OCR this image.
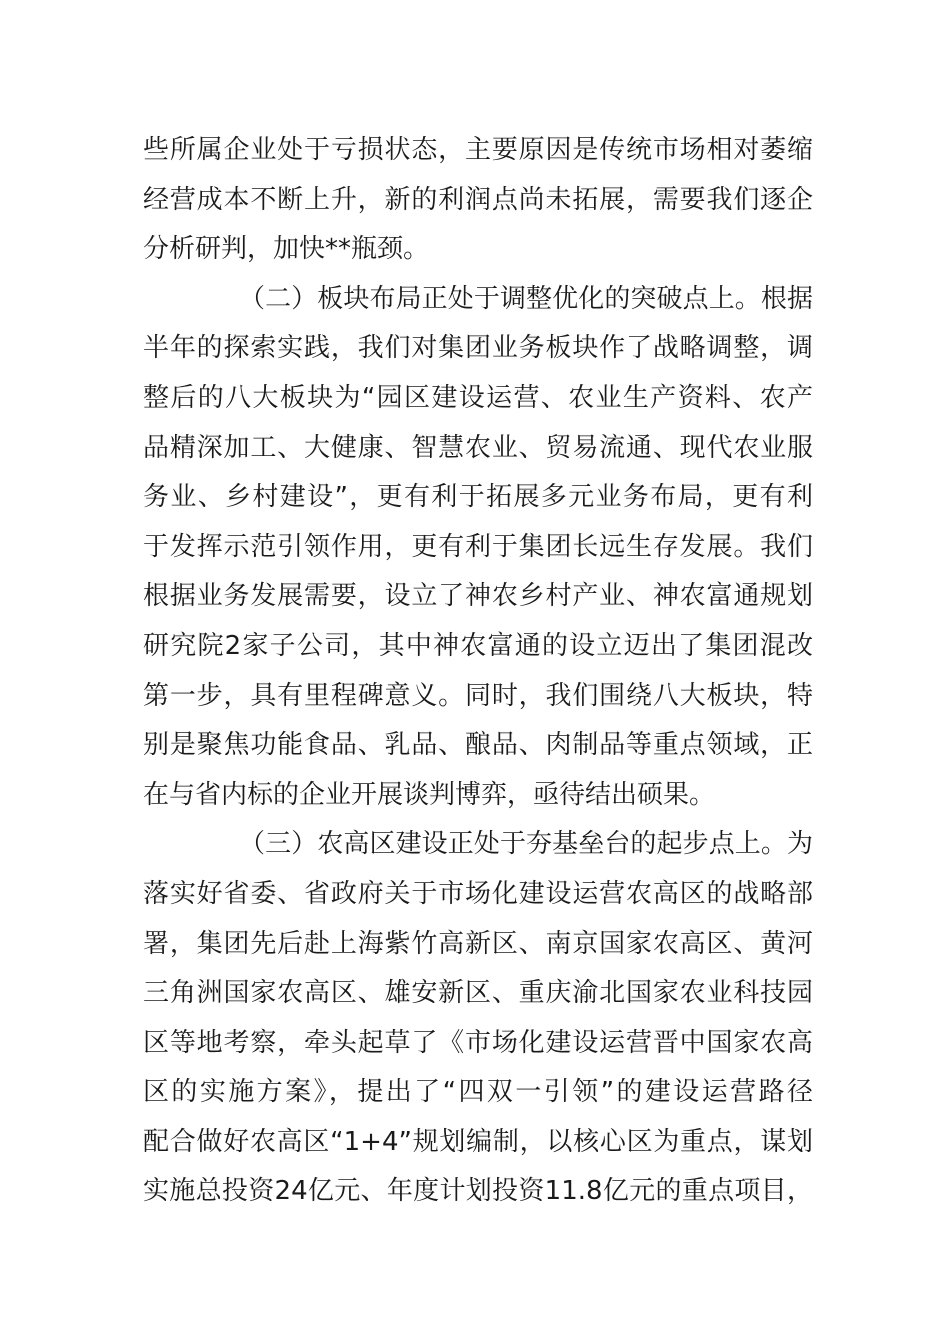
些所属企业处于亏损状态，主要原因是传统市场相对萎缩
经营成本不断上升，新的利润点尚未拓展，需要我们逐企
分析研判，加快**瓶颈。
（二）板块布局正处于调整优化的突破点上。根据
半年的探索实践，我们对集团业务板块作了战略调整，调
整后的八大板块为“园区建设运营、农业生产资料、农产
品精深加工、大健康、智慧农业、贸易流通、现代农业服
务业、乡村建设”，更有利于拓展多元业务布局，更有利
于发挥示范引领作用，更有利于集团长远生存发展。我们
根据业务发展需要，设立了神农乡村产业、神农富通规划
研究院2家子公司，其中神农富通的设立迈出了集团混改
第一步，具有里程碑意义。同时，我们围绕八大板块，特
别是聚焦功能食品、乳品、酿品、肉制品等重点领域，正
在与省内标的企业开展谈判博弈，亟待结出硕果。
（三）农高区建设正处于夯基垒台的起步点上。为
落实好省委、省政府关于市场化建设运营农高区的战略部
署，集团先后赴上海紫竹高新区、南京国家农高区、黄河
三角洲国家农高区、雄安新区、重庆渝北国家农业科技园
区等地考察，牵头起草了《市场化建设运营晋中国家农高
区的实施方案》，提出了“四双一引领”的建设运营路径
配合做好农高区“1+4”规划编制，以核心区为重点，谋划
实施总投资24亿元、年度计划投资11.8亿元的重点项目，
